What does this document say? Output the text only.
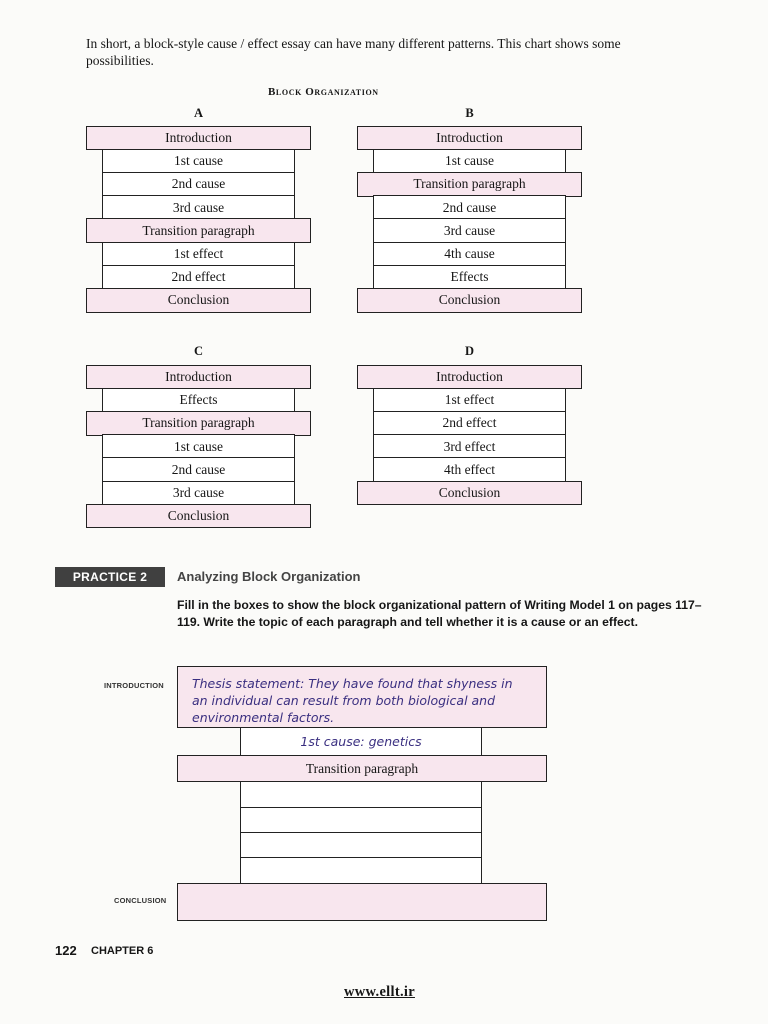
In short, a block-style cause / effect essay can have many different patterns. This chart shows some possibilities.
Block Organization
A
Introduction
1st cause
2nd cause
3rd cause
Transition paragraph
1st effect
2nd effect
Conclusion
B
Introduction
1st cause
Transition paragraph
2nd cause
3rd cause
4th cause
Effects
Conclusion
C
Introduction
Effects
Transition paragraph
1st cause
2nd cause
3rd cause
Conclusion
D
Introduction
1st effect
2nd effect
3rd effect
4th effect
Conclusion
PRACTICE 2	Analyzing Block Organization
Fill in the boxes to show the block organizational pattern of Writing Model 1 on pages 117–119. Write the topic of each paragraph and tell whether it is a cause or an effect.
INTRODUCTION
CONCLUSION
Thesis statement: They have found that shyness in an individual can result from both biological and environmental factors.
1st cause: genetics
Transition paragraph
122 CHAPTER 6
www.ellt.ir
